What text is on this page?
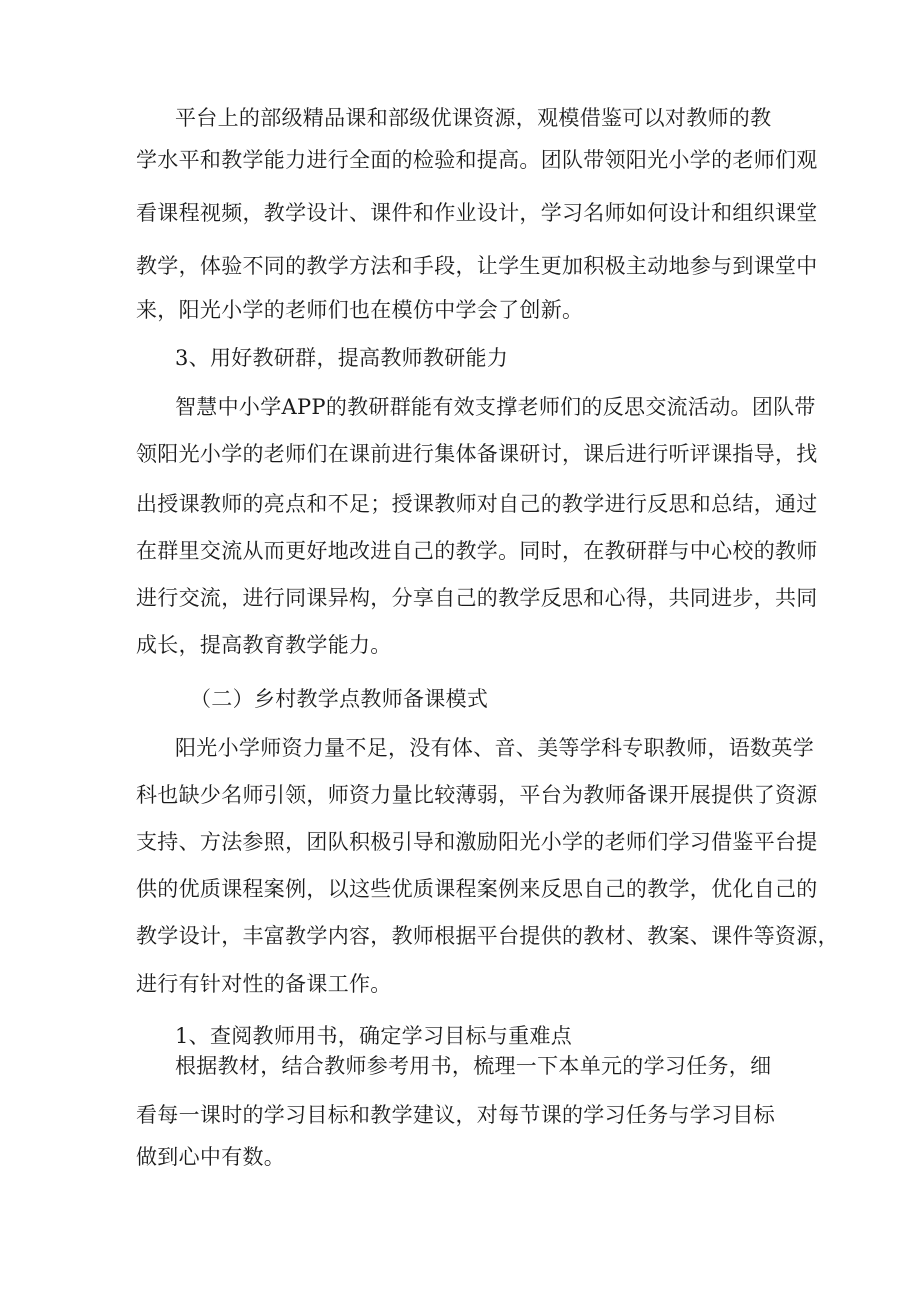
平台上的部级精品课和部级优课资源，观模借鉴可以对教师的教
学水平和教学能力进行全面的检验和提高。团队带领阳光小学的老师们观
看课程视频，教学设计、课件和作业设计，学习名师如何设计和组织课堂
教学，体验不同的教学方法和手段，让学生更加积极主动地参与到课堂中
来，阳光小学的老师们也在模仿中学会了创新。
3、用好教研群，提高教师教研能力
智慧中小学APP的教研群能有效支撑老师们的反思交流活动。团队带
领阳光小学的老师们在课前进行集体备课研讨，课后进行听评课指导，找
出授课教师的亮点和不足；授课教师对自己的教学进行反思和总结，通过
在群里交流从而更好地改进自己的教学。同时，在教研群与中心校的教师
进行交流，进行同课异构，分享自己的教学反思和心得，共同进步，共同
成长，提高教育教学能力。
（二）乡村教学点教师备课模式
阳光小学师资力量不足，没有体、音、美等学科专职教师，语数英学
科也缺少名师引领，师资力量比较薄弱，平台为教师备课开展提供了资源
支持、方法参照，团队积极引导和激励阳光小学的老师们学习借鉴平台提
供的优质课程案例，以这些优质课程案例来反思自己的教学，优化自己的
教学设计，丰富教学内容，教师根据平台提供的教材、教案、课件等资源，
进行有针对性的备课工作。
1、查阅教师用书，确定学习目标与重难点
根据教材，结合教师参考用书，梳理一下本单元的学习任务，细
看每一课时的学习目标和教学建议，对每节课的学习任务与学习目标
做到心中有数。
